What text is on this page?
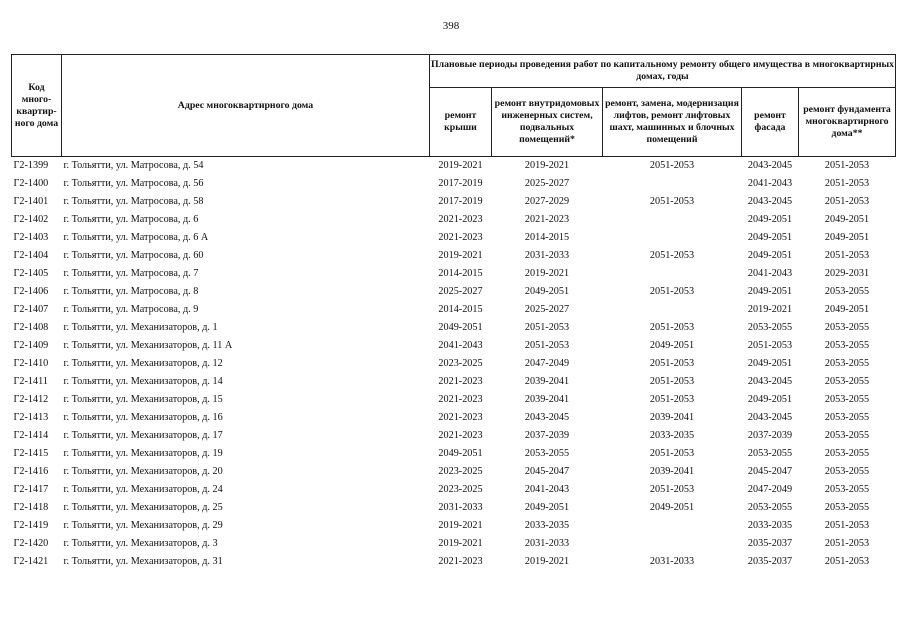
398
Код много-квартир-ного дома	Адрес многоквартирного дома	Плановые периоды проведения работ по капитальному ремонту общего имущества в многоквартирных домах, годы				
		ремонт крыши	ремонт внутридомовых инженерных систем, подвальных помещений*	ремонт, замена, модернизация лифтов, ремонт лифтовых шахт, машинных и блочных помещений	ремонт фасада	ремонт фундамента многоквартирного дома**
Г2-1399	г. Тольятти, ул. Матросова, д. 54	2019-2021	2019-2021	2051-2053	2043-2045	2051-2053
Г2-1400	г. Тольятти, ул. Матросова, д. 56	2017-2019	2025-2027		2041-2043	2051-2053
Г2-1401	г. Тольятти, ул. Матросова, д. 58	2017-2019	2027-2029	2051-2053	2043-2045	2051-2053
Г2-1402	г. Тольятти, ул. Матросова, д. 6	2021-2023	2021-2023		2049-2051	2049-2051
Г2-1403	г. Тольятти, ул. Матросова, д. 6 А	2021-2023	2014-2015		2049-2051	2049-2051
Г2-1404	г. Тольятти, ул. Матросова, д. 60	2019-2021	2031-2033	2051-2053	2049-2051	2051-2053
Г2-1405	г. Тольятти, ул. Матросова, д. 7	2014-2015	2019-2021		2041-2043	2029-2031
Г2-1406	г. Тольятти, ул. Матросова, д. 8	2025-2027	2049-2051	2051-2053	2049-2051	2053-2055
Г2-1407	г. Тольятти, ул. Матросова, д. 9	2014-2015	2025-2027		2019-2021	2049-2051
Г2-1408	г. Тольятти, ул. Механизаторов, д. 1	2049-2051	2051-2053	2051-2053	2053-2055	2053-2055
Г2-1409	г. Тольятти, ул. Механизаторов, д. 11 А	2041-2043	2051-2053	2049-2051	2051-2053	2053-2055
Г2-1410	г. Тольятти, ул. Механизаторов, д. 12	2023-2025	2047-2049	2051-2053	2049-2051	2053-2055
Г2-1411	г. Тольятти, ул. Механизаторов, д. 14	2021-2023	2039-2041	2051-2053	2043-2045	2053-2055
Г2-1412	г. Тольятти, ул. Механизаторов, д. 15	2021-2023	2039-2041	2051-2053	2049-2051	2053-2055
Г2-1413	г. Тольятти, ул. Механизаторов, д. 16	2021-2023	2043-2045	2039-2041	2043-2045	2053-2055
Г2-1414	г. Тольятти, ул. Механизаторов, д. 17	2021-2023	2037-2039	2033-2035	2037-2039	2053-2055
Г2-1415	г. Тольятти, ул. Механизаторов, д. 19	2049-2051	2053-2055	2051-2053	2053-2055	2053-2055
Г2-1416	г. Тольятти, ул. Механизаторов, д. 20	2023-2025	2045-2047	2039-2041	2045-2047	2053-2055
Г2-1417	г. Тольятти, ул. Механизаторов, д. 24	2023-2025	2041-2043	2051-2053	2047-2049	2053-2055
Г2-1418	г. Тольятти, ул. Механизаторов, д. 25	2031-2033	2049-2051	2049-2051	2053-2055	2053-2055
Г2-1419	г. Тольятти, ул. Механизаторов, д. 29	2019-2021	2033-2035		2033-2035	2051-2053
Г2-1420	г. Тольятти, ул. Механизаторов, д. 3	2019-2021	2031-2033		2035-2037	2051-2053
Г2-1421	г. Тольятти, ул. Механизаторов, д. 31	2021-2023	2019-2021	2031-2033	2035-2037	2051-2053
